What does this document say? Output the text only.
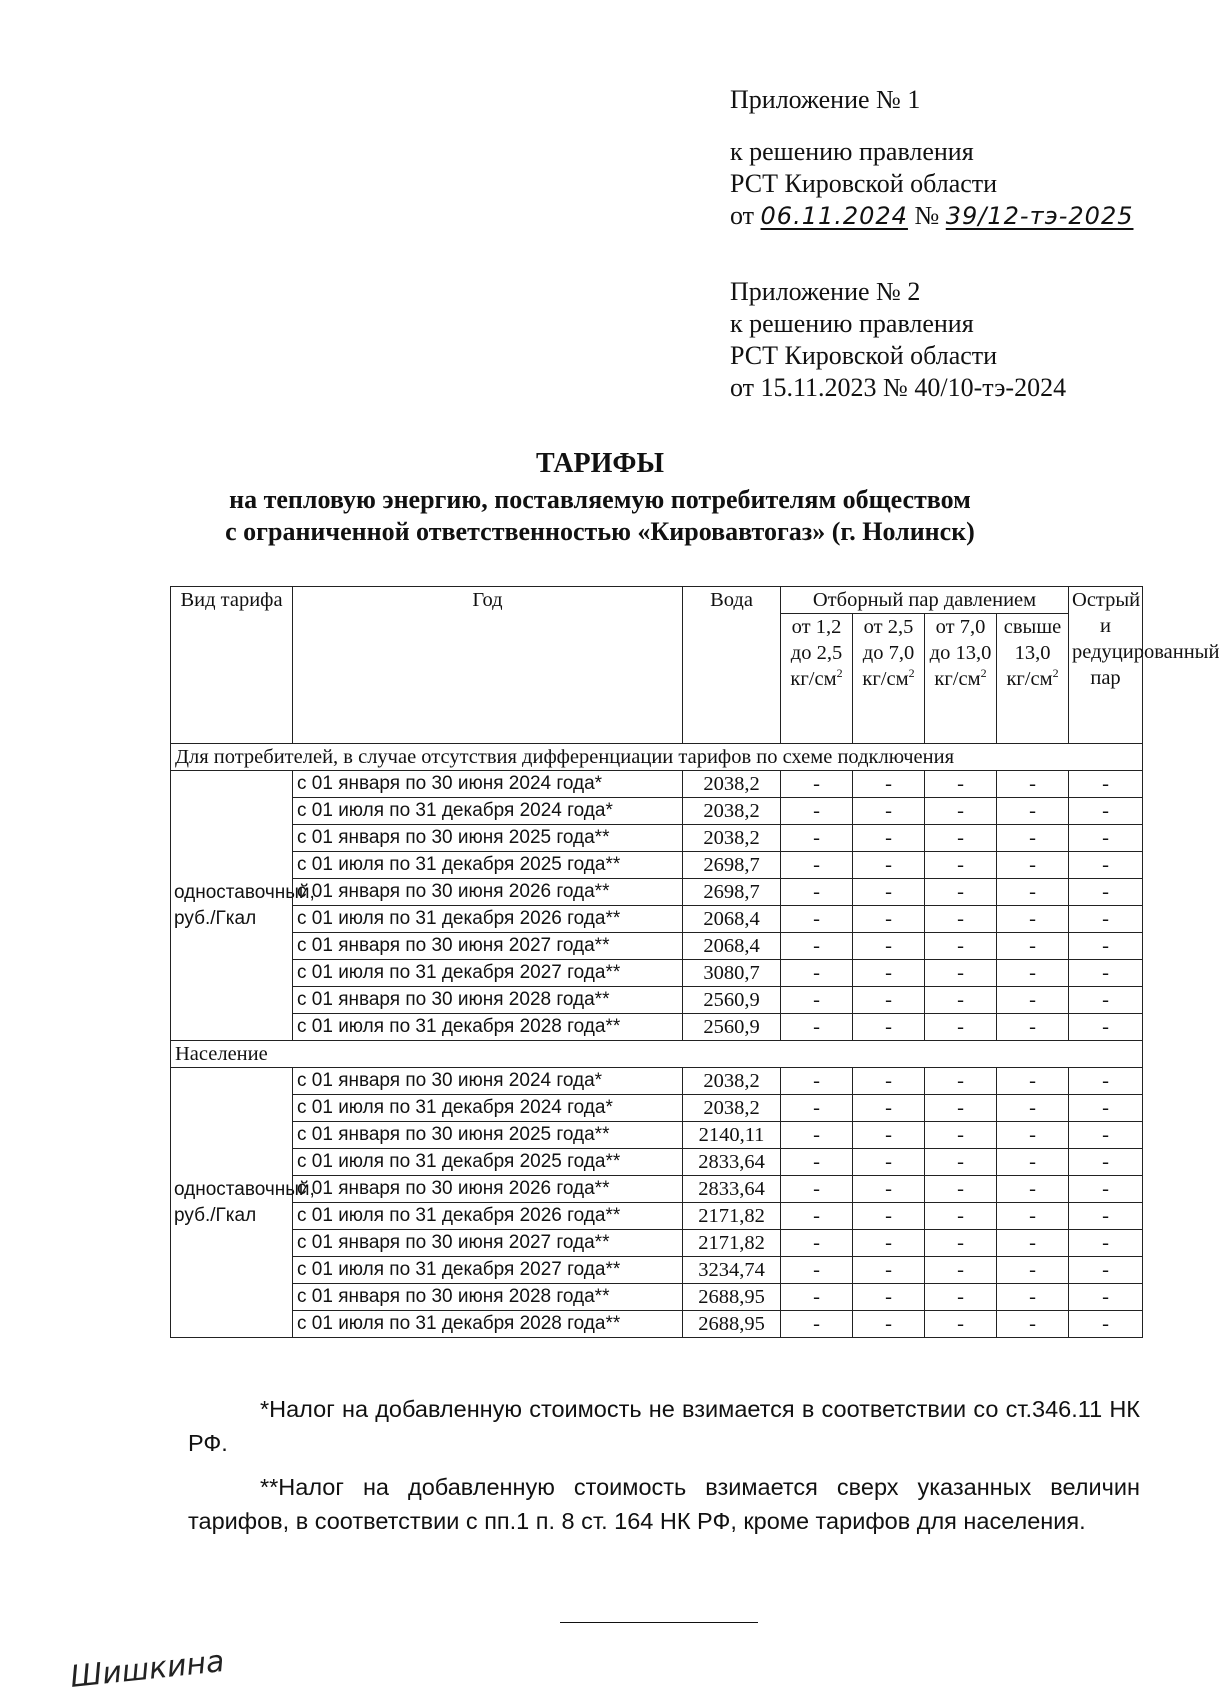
Приложение № 1
к решению правления
РСТ Кировской области
от 06.11.2024 № 39/12-тэ-2025
Приложение № 2
к решению правления
РСТ Кировской области
от 15.11.2023 № 40/10-тэ-2024
ТАРИФЫ
на тепловую энергию, поставляемую потребителям обществом
с ограниченной ответственностью «Кировавтогаз» (г. Нолинск)
Вид тарифа	Год	Вода	Отборный пар давлением				Острый и редуцированный пар
			от 1,2 до 2,5 $кг/см^2$	от 2,5 до 7,0 $кг/см^2$	от 7,0 до 13,0 $кг/см^2$	свыше 13,0 $кг/см^2$
Для потребителей, в случае отсутствия дифференциации тарифов по схеме подключения							
одноставочный, руб./Гкал	с 01 января по 30 июня 2024 года*	2038,2	-	-	-	-	-
	с 01 июля по 31 декабря 2024 года*	2038,2	-	-	-	-	-
	с 01 января по 30 июня 2025 года**	2038,2	-	-	-	-	-
	с 01 июля по 31 декабря 2025 года**	2698,7	-	-	-	-	-
	с 01 января по 30 июня 2026 года**	2698,7	-	-	-	-	-
	с 01 июля по 31 декабря 2026 года**	2068,4	-	-	-	-	-
	с 01 января по 30 июня 2027 года**	2068,4	-	-	-	-	-
	с 01 июля по 31 декабря 2027 года**	3080,7	-	-	-	-	-
	с 01 января по 30 июня 2028 года**	2560,9	-	-	-	-	-
	с 01 июля по 31 декабря 2028 года**	2560,9	-	-	-	-	-
Население							
одноставочный, руб./Гкал	с 01 января по 30 июня 2024 года*	2038,2	-	-	-	-	-
	с 01 июля по 31 декабря 2024 года*	2038,2	-	-	-	-	-
	с 01 января по 30 июня 2025 года**	2140,11	-	-	-	-	-
	с 01 июля по 31 декабря 2025 года**	2833,64	-	-	-	-	-
	с 01 января по 30 июня 2026 года**	2833,64	-	-	-	-	-
	с 01 июля по 31 декабря 2026 года**	2171,82	-	-	-	-	-
	с 01 января по 30 июня 2027 года**	2171,82	-	-	-	-	-
	с 01 июля по 31 декабря 2027 года**	3234,74	-	-	-	-	-
	с 01 января по 30 июня 2028 года**	2688,95	-	-	-	-	-
	с 01 июля по 31 декабря 2028 года**	2688,95	-	-	-	-	-

*Налог на добавленную стоимость не взимается в соответствии со ст.346.11 НК РФ.

**Налог на добавленную стоимость взимается сверх указанных величин тарифов, в соответствии с пп.1 п. 8 ст. 164 НК РФ, кроме тарифов для населения.

Шишкина
